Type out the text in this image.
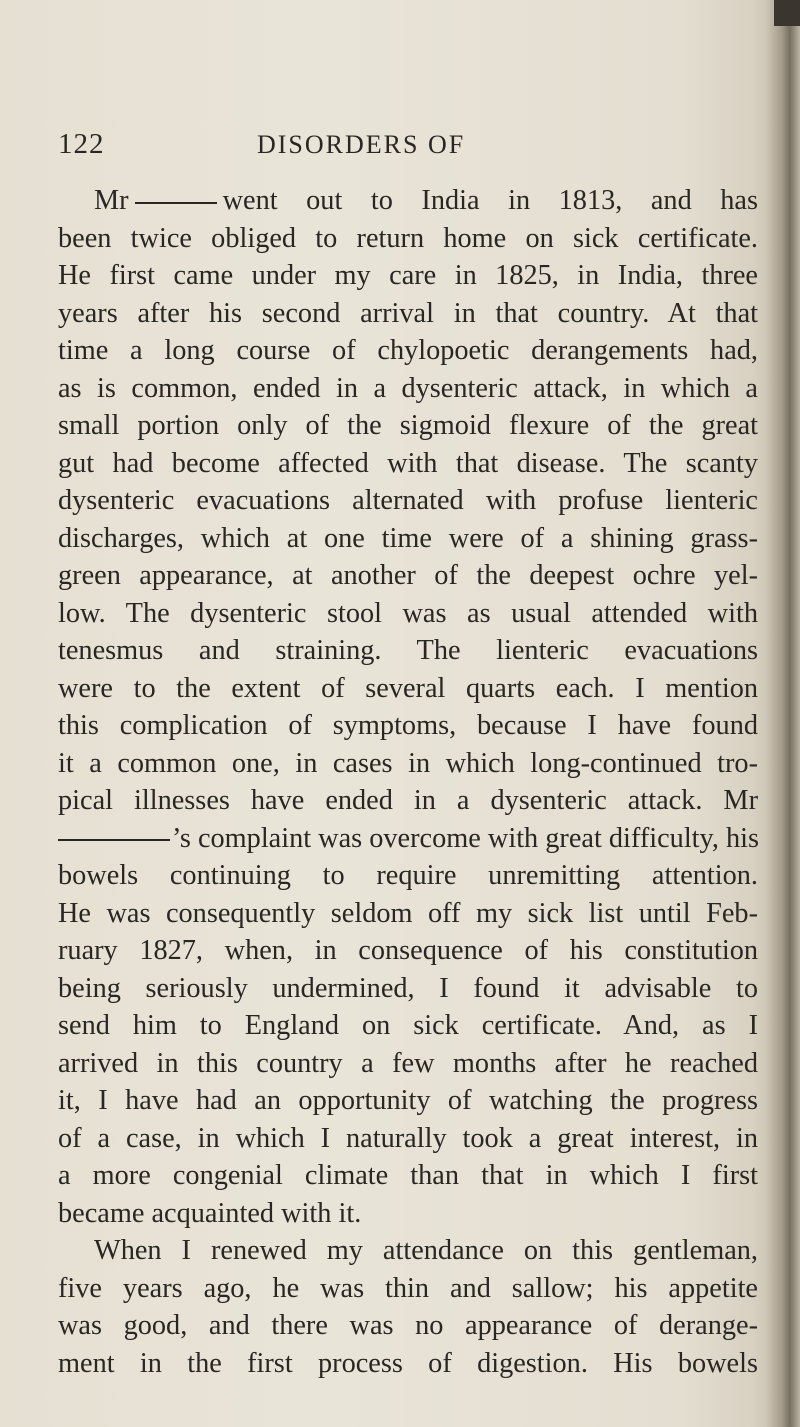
122	DISORDERS OF
Mr	went out to India in 1813, and has
been twice obliged to return home on sick certificate.
He first came under my care in 1825, in India, three
years after his second arrival in that country. At that
time a long course of chylopoetic derangements had,
as is common, ended in a dysenteric attack, in which a
small portion only of the sigmoid flexure of the great
gut had become affected with that disease. The scanty
dysenteric evacuations alternated with profuse lienteric
discharges, which at one time were of a shining grass-
green appearance, at another of the deepest ochre yel-
low. The dysenteric stool was as usual attended with
tenesmus and straining. The lienteric evacuations
were to the extent of several quarts each. I mention
this complication of symptoms, because I have found
it a common one, in cases in which long-continued tro-
pical illnesses have ended in a dysenteric attack. Mr
’s complaint was overcome with great difficulty, his
bowels continuing to require unremitting attention.
He was consequently seldom off my sick list until Feb-
ruary 1827, when, in consequence of his constitution
being seriously undermined, I found it advisable to
send him to England on sick certificate. And, as I
arrived in this country a few months after he reached
it, I have had an opportunity of watching the progress
of a case, in which I naturally took a great interest, in
a more congenial climate than that in which I first
became acquainted with it.
When I renewed my attendance on this gentleman,
five years ago, he was thin and sallow; his appetite
was good, and there was no appearance of derange-
ment in the first process of digestion. His bowels
